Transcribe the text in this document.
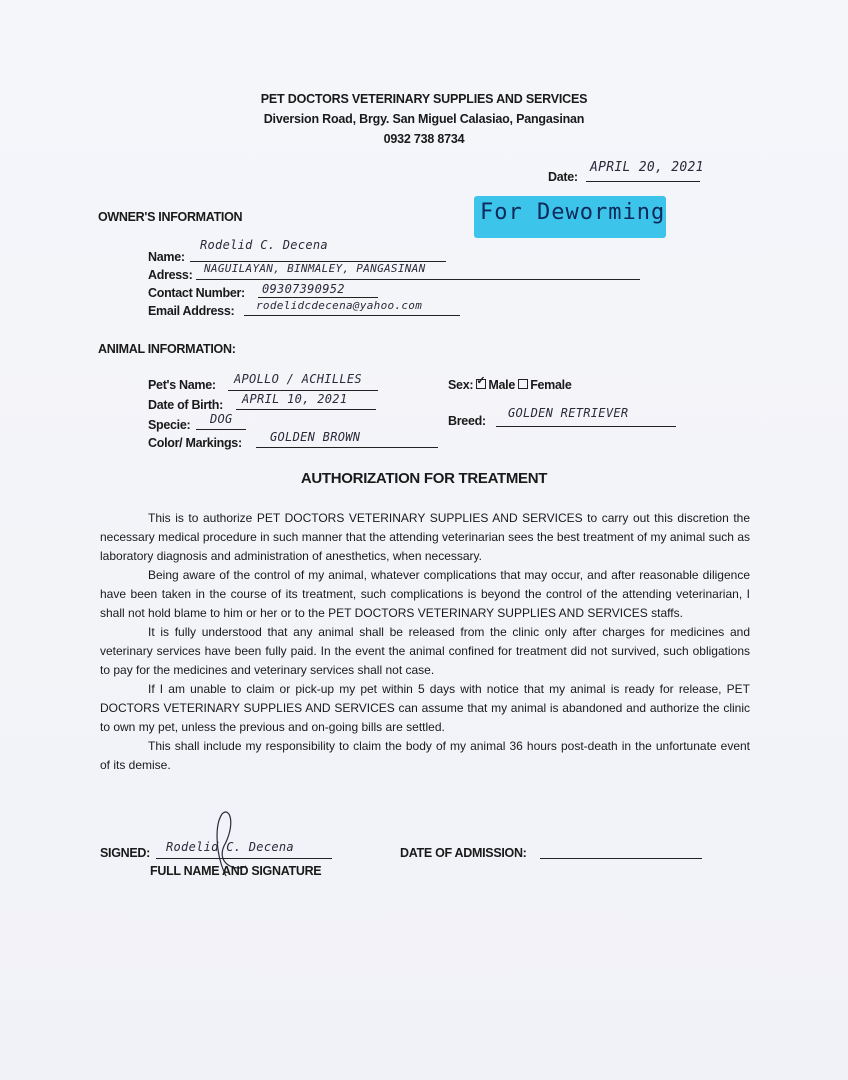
PET DOCTORS VETERINARY SUPPLIES AND SERVICES
Diversion Road, Brgy. San Miguel Calasiao, Pangasinan
0932 738 8734
Date:
APRIL 20, 2021
For Deworming
OWNER'S INFORMATION
Name:
Rodelid C. Decena
Adress: NAGUILAYAN, BINMALEY, PANGASINAN
Contact Number: 09307390952
Email Address: rodelidcdecena@yahoo.com
ANIMAL INFORMATION:
Pet's Name: APOLLO / ACHILLES
Date of Birth: APRIL 10, 2021
Specie: DOG
Color/ Markings: GOLDEN BROWN
Sex: ✓ Male Female
Breed:
GOLDEN RETRIEVER
AUTHORIZATION FOR TREATMENT

This is to authorize PET DOCTORS VETERINARY SUPPLIES AND SERVICES to carry out this discretion the necessary medical procedure in such manner that the attending veterinarian sees the best treatment of my animal such as laboratory diagnosis and administration of anesthetics, when necessary.

Being aware of the control of my animal, whatever complications that may occur, and after reasonable diligence have been taken in the course of its treatment, such complications is beyond the control of the attending veterinarian, I shall not hold blame to him or her or to the PET DOCTORS VETERINARY SUPPLIES AND SERVICES staffs.

It is fully understood that any animal shall be released from the clinic only after charges for medicines and veterinary services have been fully paid. In the event the animal confined for treatment did not survived, such obligations to pay for the medicines and veterinary services shall not case.

If I am unable to claim or pick-up my pet within 5 days with notice that my animal is ready for release, PET DOCTORS VETERINARY SUPPLIES AND SERVICES can assume that my animal is abandoned and authorize the clinic to own my pet, unless the previous and on-going bills are settled.

This shall include my responsibility to claim the body of my animal 36 hours post-death in the unfortunate event of its demise.

SIGNED: Rodelid C. Decena
FULL NAME AND SIGNATURE
DATE OF ADMISSION:
